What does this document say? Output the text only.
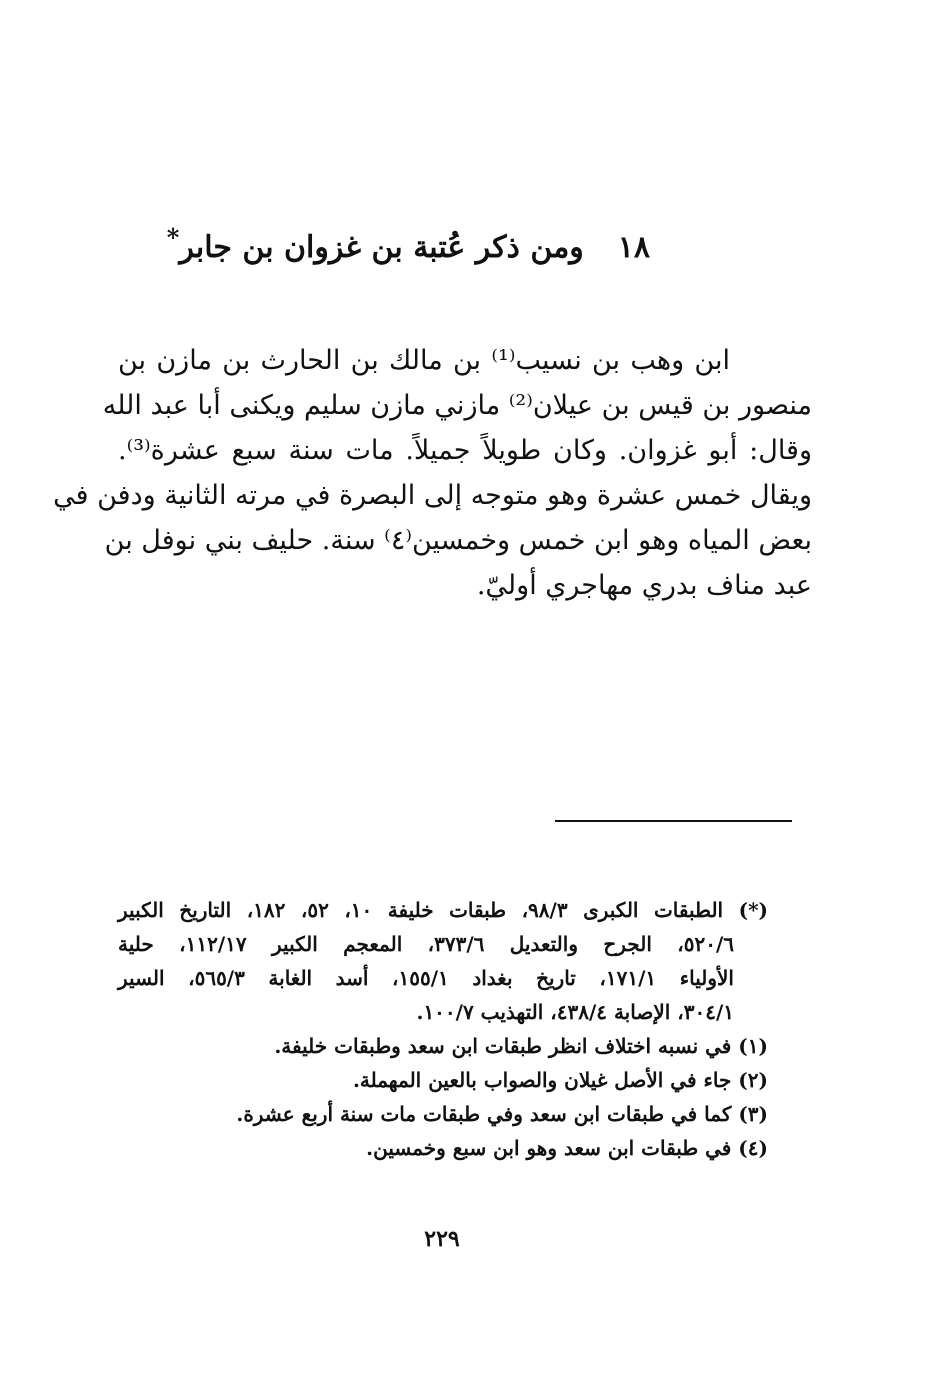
١٨ومن ذكر عُتبة بن غزوان بن جابر*
ابن وهب بن نسيب⁽¹⁾ بن مالك بن الحارث بن مازن بن
منصور بن قيس بن عيلان⁽²⁾ مازني مازن سليم ويكنى أبا عبد الله
وقال: أبو غزوان. وكان طويلاً جميلاً. مات سنة سبع عشرة⁽³⁾.
ويقال خمس عشرة وهو متوجه إلى البصرة في مرته الثانية ودفن في
بعض المياه وهو ابن خمس وخمسين⁽٤⁾ سنة. حليف بني نوفل بن
عبد مناف بدري مهاجري أوليّ.
(*) الطبقات الكبرى ٩٨/٣، طبقات خليفة ١٠، ٥٢، ١٨٢، التاريخ الكبير
٥٢٠/٦، الجرح والتعديل ٣٧٣/٦، المعجم الكبير ١١٢/١٧، حلية
الأولياء ١٧١/١، تاريخ بغداد ١٥٥/١، أسد الغابة ٥٦٥/٣، السير
٣٠٤/١، الإصابة ٤٣٨/٤، التهذيب ١٠٠/٧.
(١) في نسبه اختلاف انظر طبقات ابن سعد وطبقات خليفة.
(٢) جاء في الأصل غيلان والصواب بالعين المهملة.
(٣) كما في طبقات ابن سعد وفي طبقات مات سنة أربع عشرة.
(٤) في طبقات ابن سعد وهو ابن سبع وخمسين.
٢٢٩
